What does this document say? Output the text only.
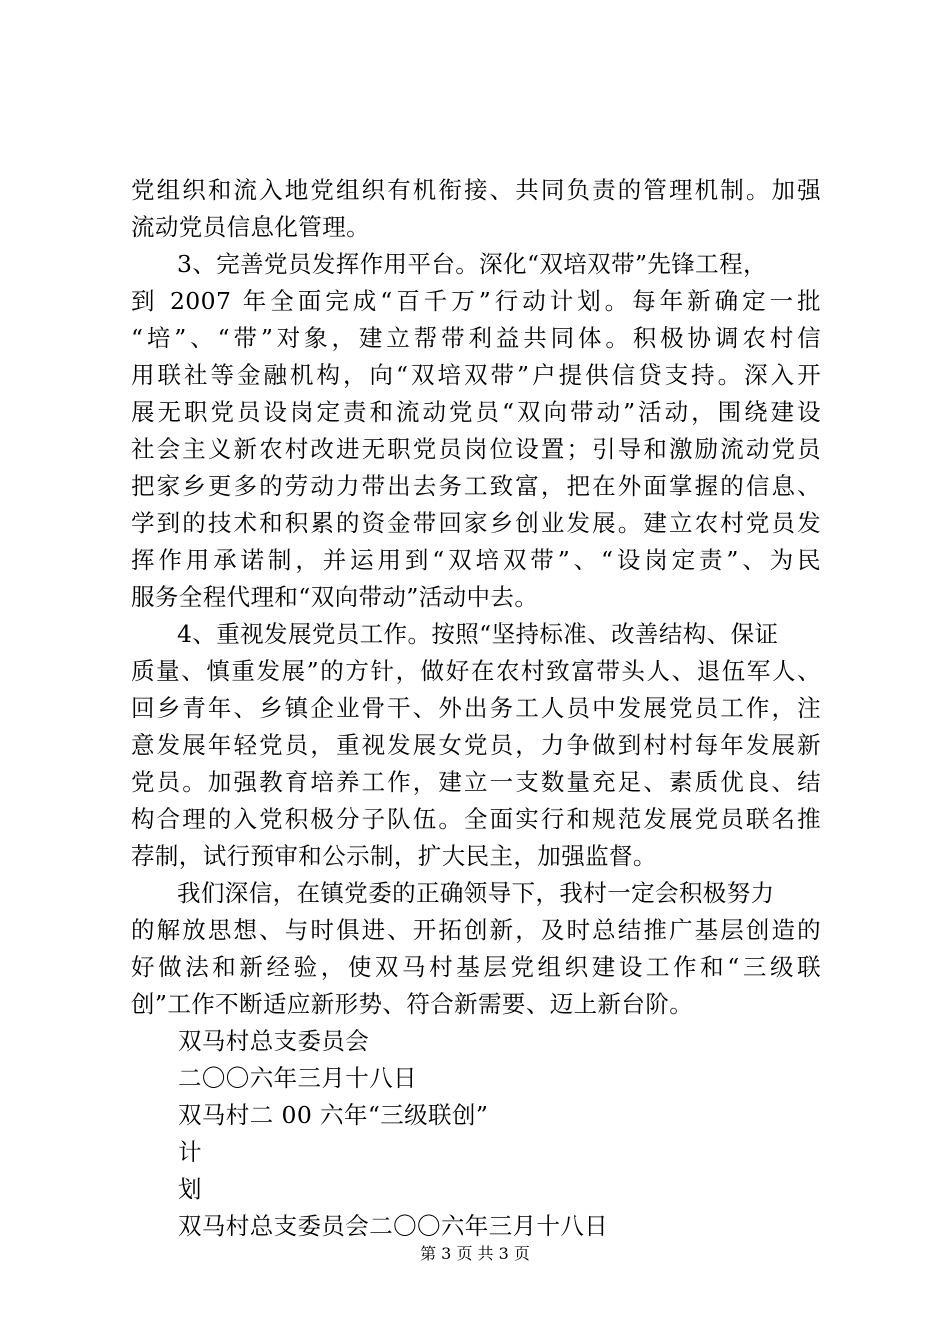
党组织和流入地党组织有机衔接、共同负责的管理机制。加强
流动党员信息化管理。
3、完善党员发挥作用平台。深化“双培双带”先锋工程，
到 2007 年全面完成“百千万”行动计划。每年新确定一批
“培”、“带”对象，建立帮带利益共同体。积极协调农村信
用联社等金融机构，向“双培双带”户提供信贷支持。深入开
展无职党员设岗定责和流动党员“双向带动”活动，围绕建设
社会主义新农村改进无职党员岗位设置；引导和激励流动党员
把家乡更多的劳动力带出去务工致富，把在外面掌握的信息、
学到的技术和积累的资金带回家乡创业发展。建立农村党员发
挥作用承诺制，并运用到“双培双带”、“设岗定责”、为民
服务全程代理和“双向带动”活动中去。
4、重视发展党员工作。按照“坚持标准、改善结构、保证
质量、慎重发展”的方针，做好在农村致富带头人、退伍军人、
回乡青年、乡镇企业骨干、外出务工人员中发展党员工作，注
意发展年轻党员，重视发展女党员，力争做到村村每年发展新
党员。加强教育培养工作，建立一支数量充足、素质优良、结
构合理的入党积极分子队伍。全面实行和规范发展党员联名推
荐制，试行预审和公示制，扩大民主，加强监督。
我们深信，在镇党委的正确领导下，我村一定会积极努力
的解放思想、与时俱进、开拓创新，及时总结推广基层创造的
好做法和新经验，使双马村基层党组织建设工作和“三级联
创”工作不断适应新形势、符合新需要、迈上新台阶。
双马村总支委员会
二〇〇六年三月十八日
双马村二 00 六年“三级联创”
计
划
双马村总支委员会二〇〇六年三月十八日
第 3 页 共 3 页
